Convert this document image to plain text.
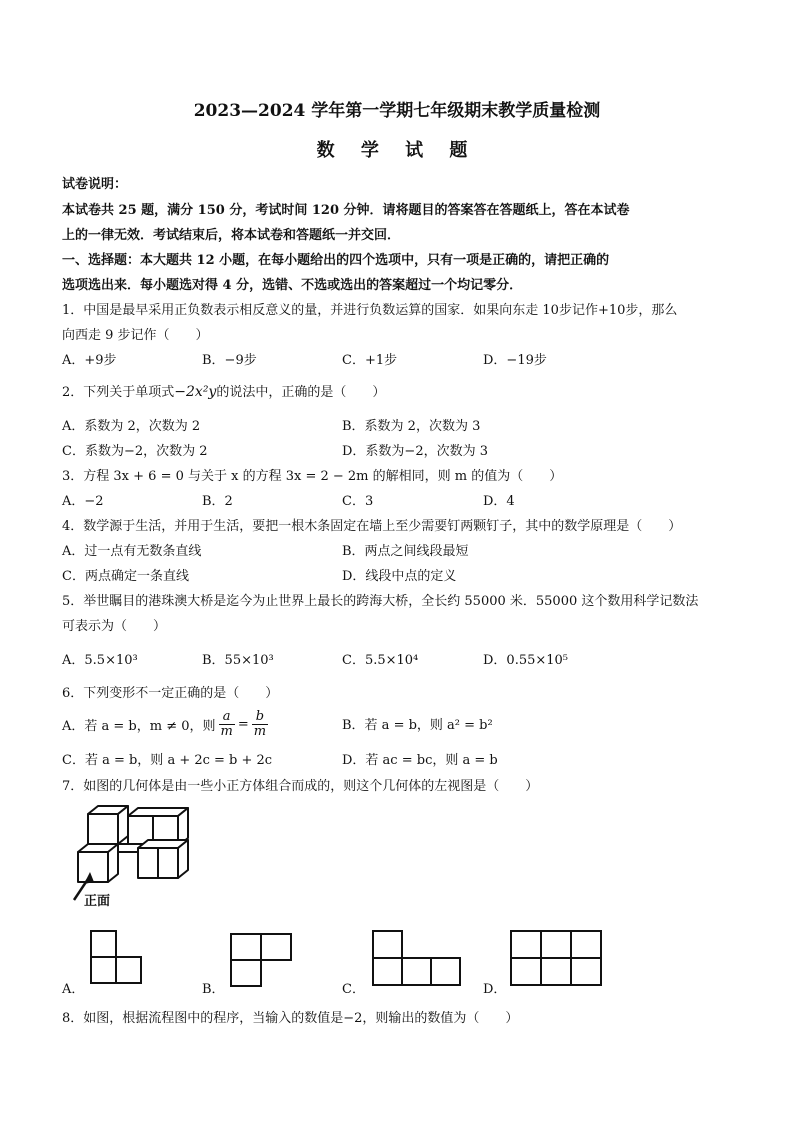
2023—2024 学年第一学期七年级期末教学质量检测
数 学 试 题
试卷说明：
本试卷共 25 题，满分 150 分，考试时间 120 分钟．请将题目的答案答在答题纸上，答在本试卷
上的一律无效．考试结束后，将本试卷和答题纸一并交回．
一、选择题：本大题共 12 小题，在每小题给出的四个选项中，只有一项是正确的，请把正确的
选项选出来．每小题选对得 4 分，选错、不选或选出的答案超过一个均记零分．
1．中国是最早采用正负数表示相反意义的量，并进行负数运算的国家．如果向东走 10步记作+10步，那么
向西走 9 步记作（　　）
A．+9步	B．−9步	C．+1步	D．−19步
2．下列关于单项式−2x²y的说法中，正确的是（　　）
A．系数为 2，次数为 2	B．系数为 2，次数为 3
C．系数为−2，次数为 2	D．系数为−2，次数为 3
3．方程 3x + 6 = 0 与关于 x 的方程 3x = 2 − 2m 的解相同，则 m 的值为（　　）
A．−2	B．2	C．3	D．4
4．数学源于生活，并用于生活，要把一根木条固定在墙上至少需要钉两颗钉子，其中的数学原理是（　　）
A．过一点有无数条直线	B．两点之间线段最短
C．两点确定一条直线	D．线段中点的定义
5．举世瞩目的港珠澳大桥是迄今为止世界上最长的跨海大桥，全长约 55000 米．55000 这个数用科学记数法
可表示为（　　）
A．5.5×10³	B．55×10³	C．5.5×10⁴	D．0.55×10⁵
6．下列变形不一定正确的是（　　）
A．若 a = b，m ≠ 0，则 $\frac{a}{m} = \frac{b}{m}$	B．若 a = b，则 a² = b²
C．若 a = b，则 a + 2c = b + 2c	D．若 ac = bc，则 a = b
7．如图的几何体是由一些小正方体组合而成的，则这个几何体的左视图是（　　）
正面
A．	B．	C．	D．
8．如图，根据流程图中的程序，当输入的数值是−2，则输出的数值为（　　）
